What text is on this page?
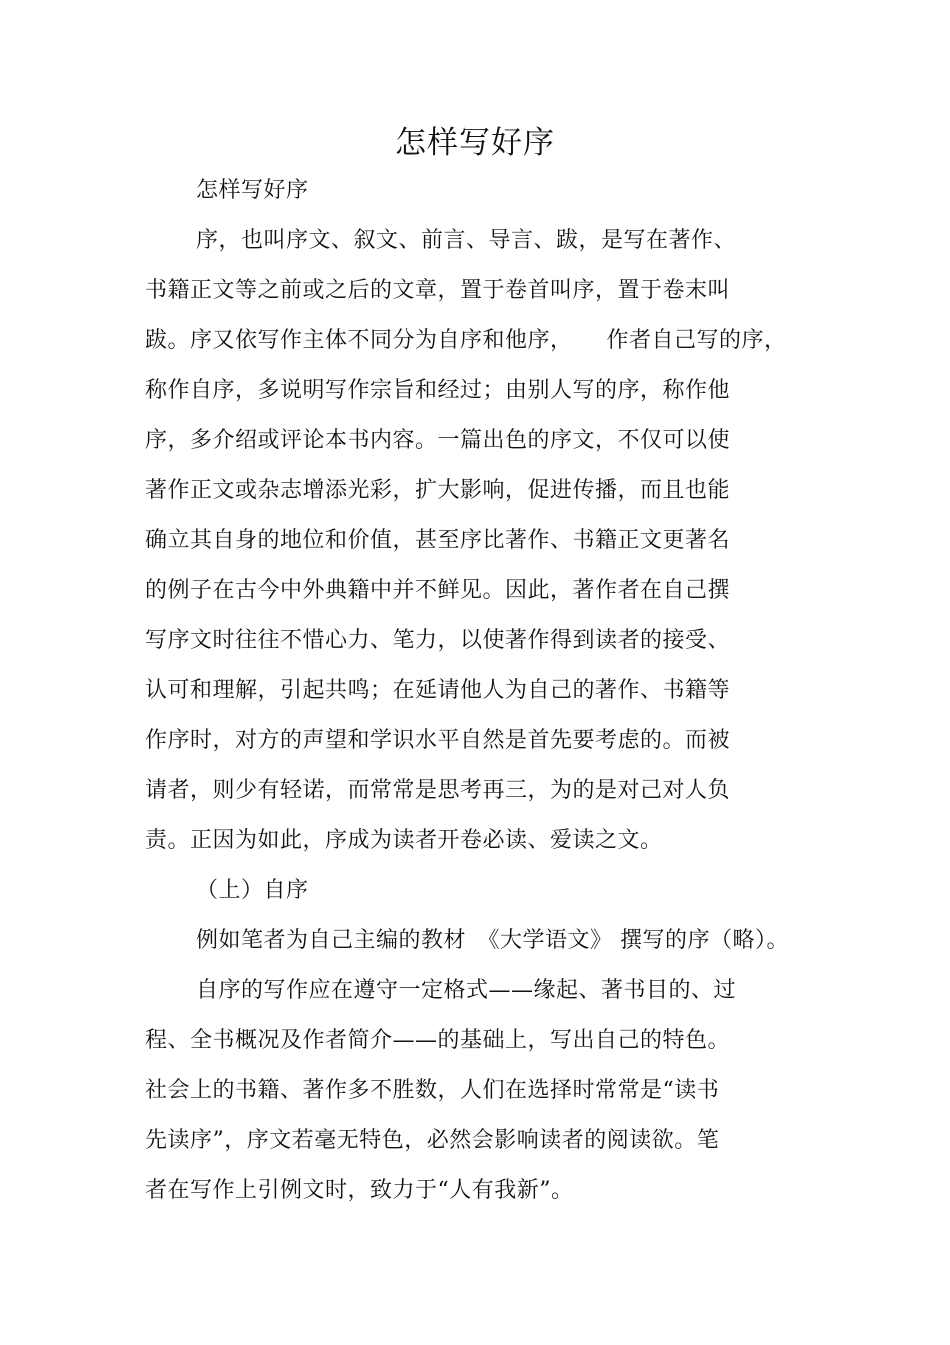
怎样写好序
怎样写好序
序，也叫序文、叙文、前言、导言、跋，是写在著作、
书籍正文等之前或之后的文章，置于卷首叫序，置于卷末叫
跋。序又依写作主体不同分为自序和他序，　　作者自己写的序，
称作自序，多说明写作宗旨和经过；由别人写的序，称作他
序，多介绍或评论本书内容。一篇出色的序文，不仅可以使
著作正文或杂志增添光彩，扩大影响，促进传播，而且也能
确立其自身的地位和价值，甚至序比著作、书籍正文更著名
的例子在古今中外典籍中并不鲜见。因此，著作者在自己撰
写序文时往往不惜心力、笔力，以使著作得到读者的接受、
认可和理解，引起共鸣；在延请他人为自己的著作、书籍等
作序时，对方的声望和学识水平自然是首先要考虑的。而被
请者，则少有轻诺，而常常是思考再三，为的是对己对人负
责。正因为如此，序成为读者开卷必读、爱读之文。
（上）自序
例如笔者为自己主编的教材　《大学语文》 撰写的序（略）。
自序的写作应在遵守一定格式——缘起、著书目的、过
程、全书概况及作者简介——的基础上，写出自己的特色。
社会上的书籍、著作多不胜数，人们在选择时常常是“读书
先读序”，序文若毫无特色，必然会影响读者的阅读欲。笔
者在写作上引例文时，致力于“人有我新”。
